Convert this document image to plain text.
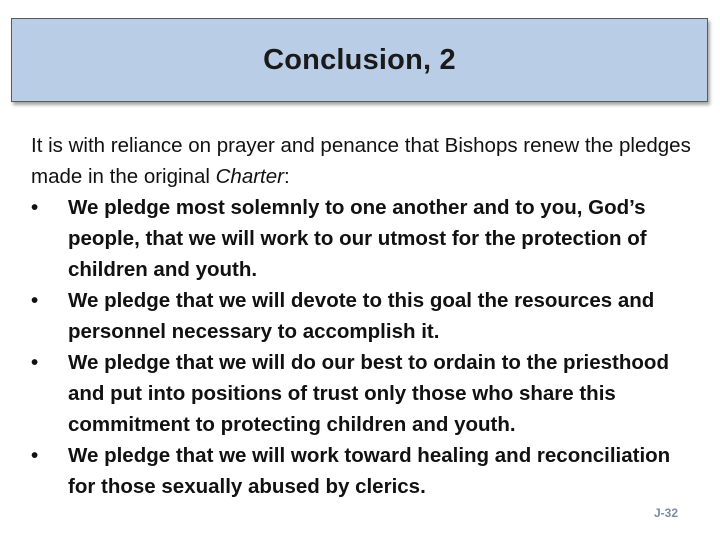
Conclusion, 2

It is with reliance on prayer and penance that Bishops renew the pledges made in the original Charter:

• We pledge most solemnly to one another and to you, God’s people, that we will work to our utmost for the protection of children and youth.
• We pledge that we will devote to this goal the resources and personnel necessary to accomplish it.
• We pledge that we will do our best to ordain to the priesthood and put into positions of trust only those who share this commitment to protecting children and youth.
• We pledge that we will work toward healing and reconciliation for those sexually abused by clerics.
J-32
